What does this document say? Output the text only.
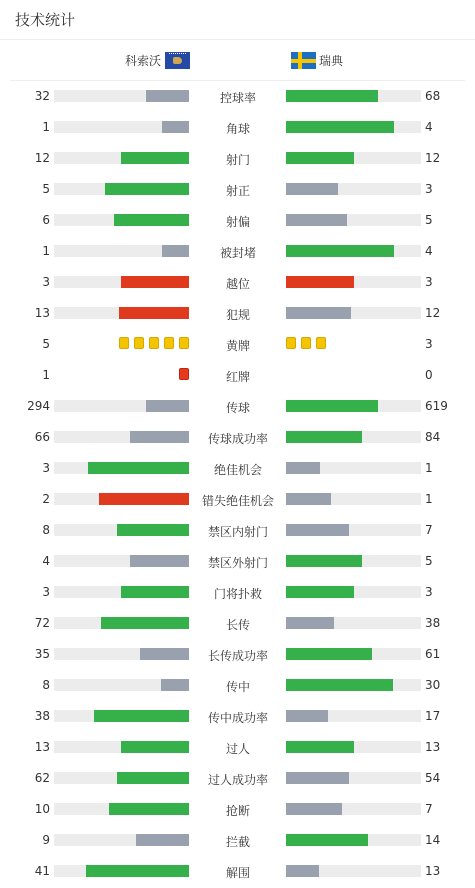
技术统计
科索沃	瑞典
32	控球率	68
1	角球	4
12	射门	12
5	射正	3
6	射偏	5
1	被封堵	4
3	越位	3
13	犯规	12
5	黄牌	3
1	红牌	0
294	传球	619
66	传球成功率	84
3	绝佳机会	1
2	错失绝佳机会	1
8	禁区内射门	7
4	禁区外射门	5
3	门将扑救	3
72	长传	38
35	长传成功率	61
8	传中	30
38	传中成功率	17
13	过人	13
62	过人成功率	54
10	抢断	7
9	拦截	14
41	解围	13
